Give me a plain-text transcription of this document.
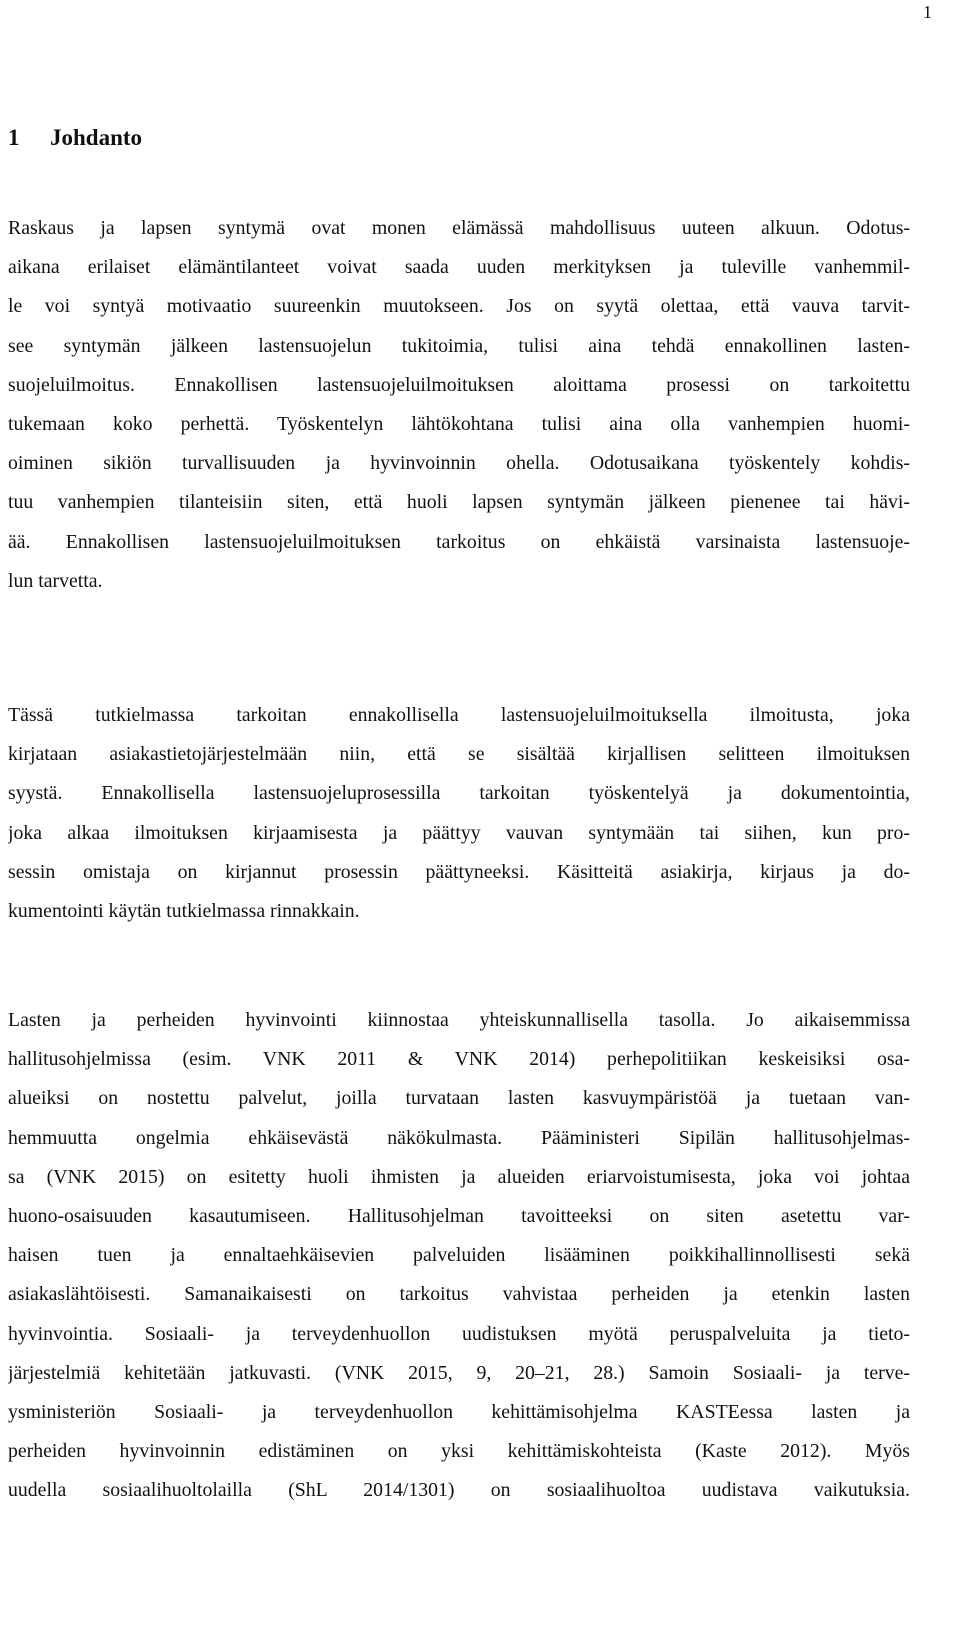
1
1 Johdanto
Raskaus ja lapsen syntymä ovat monen elämässä mahdollisuus uuteen alkuun. Odotus-
aikana erilaiset elämäntilanteet voivat saada uuden merkityksen ja tuleville vanhemmil-
le voi syntyä motivaatio suureenkin muutokseen. Jos on syytä olettaa, että vauva tarvit-
see syntymän jälkeen lastensuojelun tukitoimia, tulisi aina tehdä ennakollinen lasten-
suojeluilmoitus. Ennakollisen lastensuojeluilmoituksen aloittama prosessi on tarkoitettu
tukemaan koko perhettä. Työskentelyn lähtökohtana tulisi aina olla vanhempien huomi-
oiminen sikiön turvallisuuden ja hyvinvoinnin ohella. Odotusaikana työskentely kohdis-
tuu vanhempien tilanteisiin siten, että huoli lapsen syntymän jälkeen pienenee tai hävi-
ää. Ennakollisen lastensuojeluilmoituksen tarkoitus on ehkäistä varsinaista lastensuoje-
lun tarvetta.
Tässä tutkielmassa tarkoitan ennakollisella lastensuojeluilmoituksella ilmoitusta, joka
kirjataan asiakastietojärjestelmään niin, että se sisältää kirjallisen selitteen ilmoituksen
syystä. Ennakollisella lastensuojeluprosessilla tarkoitan työskentelyä ja dokumentointia,
joka alkaa ilmoituksen kirjaamisesta ja päättyy vauvan syntymään tai siihen, kun pro-
sessin omistaja on kirjannut prosessin päättyneeksi. Käsitteitä asiakirja, kirjaus ja do-
kumentointi käytän tutkielmassa rinnakkain.
Lasten ja perheiden hyvinvointi kiinnostaa yhteiskunnallisella tasolla. Jo aikaisemmissa
hallitusohjelmissa (esim. VNK 2011 & VNK 2014) perhepolitiikan keskeisiksi osa-
alueiksi on nostettu palvelut, joilla turvataan lasten kasvuympäristöä ja tuetaan van-
hemmuutta ongelmia ehkäisevästä näkökulmasta. Pääministeri Sipilän hallitusohjelmas-
sa (VNK 2015) on esitetty huoli ihmisten ja alueiden eriarvoistumisesta, joka voi johtaa
huono-osaisuuden kasautumiseen. Hallitusohjelman tavoitteeksi on siten asetettu var-
haisen tuen ja ennaltaehkäisevien palveluiden lisääminen poikkihallinnollisesti sekä
asiakaslähtöisesti. Samanaikaisesti on tarkoitus vahvistaa perheiden ja etenkin lasten
hyvinvointia. Sosiaali- ja terveydenhuollon uudistuksen myötä peruspalveluita ja tieto-
järjestelmiä kehitetään jatkuvasti. (VNK 2015, 9, 20–21, 28.) Samoin Sosiaali- ja terve-
ysministeriön Sosiaali- ja terveydenhuollon kehittämisohjelma KASTEessa lasten ja
perheiden hyvinvoinnin edistäminen on yksi kehittämiskohteista (Kaste 2012). Myös
uudella sosiaalihuoltolailla (ShL 2014/1301) on sosiaalihuoltoa uudistava vaikutuksia.
